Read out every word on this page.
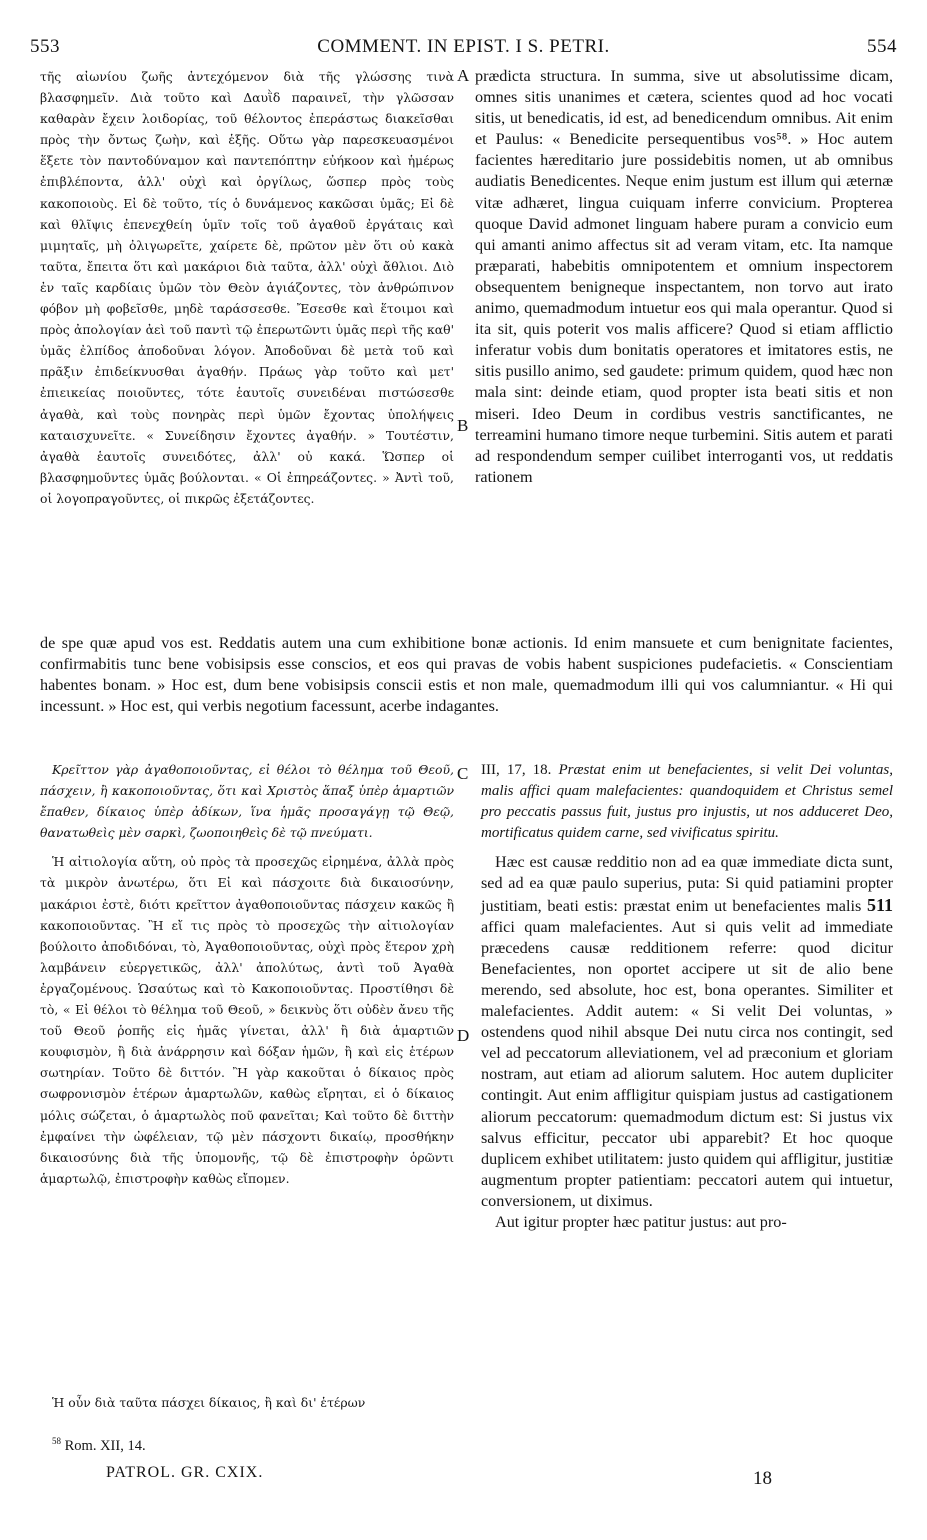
553	COMMENT. IN EPIST. I S. PETRI.	554
τῆς αἰωνίου ζωῆς ἀντεχόμενον διὰ τῆς γλώσσης τινὰ βλασφημεῖν. Διὰ τοῦτο καὶ Δαυῒδ παραινεῖ, τὴν γλῶσσαν καθαρὰν ἔχειν λοιδορίας, τοῦ θέλοντος ἐπεράστως διακεῖσθαι πρὸς τὴν ὄντως ζωὴν, καὶ ἑξῆς. Οὕτω γὰρ παρεσκευασμένοι ἕξετε τὸν παντοδύναμον καὶ παντεπόπτην εὐήκοον καὶ ἡμέρως ἐπιβλέποντα, ἀλλ' οὐχὶ καὶ ὀργίλως, ὥσπερ πρὸς τοὺς κακοποιοὺς. Εἰ δὲ τοῦτο, τίς ὁ δυνάμενος κακῶσαι ὑμᾶς; Εἰ δὲ καὶ θλῖψις ἐπενεχθείη ὑμῖν τοῖς τοῦ ἀγαθοῦ ἐργάταις καὶ μιμηταῖς, μὴ ὀλιγωρεῖτε, χαίρετε δὲ, πρῶτον μὲν ὅτι οὐ κακὰ ταῦτα, ἔπειτα ὅτι καὶ μακάριοι διὰ ταῦτα, ἀλλ' οὐχὶ ἄθλιοι. Διὸ ἐν ταῖς καρδίαις ὑμῶν τὸν Θεὸν ἁγιάζοντες, τὸν ἀνθρώπινον φόβον μὴ φοβεῖσθε, μηδὲ ταράσσεσθε. Ἔσεσθε καὶ ἕτοιμοι καὶ πρὸς ἀπολογίαν ἀεὶ τοῦ παντὶ τῷ ἐπερωτῶντι ὑμᾶς περὶ τῆς καθ' ὑμᾶς ἐλπίδος ἀποδοῦναι λόγον. Ἀποδοῦναι δὲ μετὰ τοῦ καὶ πρᾶξιν ἐπιδείκνυσθαι ἀγαθήν. Πράως γὰρ τοῦτο καὶ μετ' ἐπιεικείας ποιοῦντες, τότε ἑαυτοῖς συνειδέναι πιστώσεσθε ἀγαθὰ, καὶ τοὺς πονηρὰς περὶ ὑμῶν ἔχοντας ὑπολήψεις καταισχυνεῖτε. « Συνείδησιν ἔχοντες ἀγαθήν. » Τουτέστιν, ἀγαθὰ ἑαυτοῖς συνειδότες, ἀλλ' οὐ κακά. Ὥσπερ οἱ βλασφημοῦντες ὑμᾶς βούλονται. « Οἱ ἐπηρεάζοντες. » Ἀντὶ τοῦ, οἱ λογοπραγοῦντες, οἱ πικρῶς ἐξετάζοντες.
prædicta structura. In summa, sive ut absolutissime dicam, omnes sitis unanimes et cætera, scientes quod ad hoc vocati sitis, ut benedicatis, id est, ad benedicendum omnibus. Ait enim et Paulus: « Benedicite persequentibus vos⁵⁸. » Hoc autem facientes hæreditario jure possidebitis nomen, ut ab omnibus audiatis Benedicentes. Neque enim justum est illum qui æternæ vitæ adhæret, lingua cuiquam inferre convicium. Propterea quoque David admonet linguam habere puram a convicio eum qui amanti animo affectus sit ad veram vitam, etc. Ita namque præparati, habebitis omnipotentem et omnium inspectorem obsequentem benigneque inspectantem, non torvo aut irato animo, quemadmodum intuetur eos qui mala operantur. Quod si ita sit, quis poterit vos malis afficere? Quod si etiam afflictio inferatur vobis dum bonitatis operatores et imitatores estis, ne sitis pusillo animo, sed gaudete: primum quidem, quod hæc non mala sint: deinde etiam, quod propter ista beati sitis et non miseri. Ideo Deum in cordibus vestris sanctificantes, ne terreamini humano timore neque turbemini. Sitis autem et parati ad respondendum semper cuilibet interroganti vos, ut reddatis rationem
A
B
C
D
de spe quæ apud vos est. Reddatis autem una cum exhibitione bonæ actionis. Id enim mansuete et cum benignitate facientes, confirmabitis tunc bene vobisipsis esse conscios, et eos qui pravas de vobis habent suspiciones pudefacietis. « Conscientiam habentes bonam. » Hoc est, dum bene vobisipsis conscii estis et non male, quemadmodum illi qui vos calumniantur. « Hi qui incessunt. » Hoc est, qui verbis negotium facessunt, acerbe indagantes.

Κρεῖττον γὰρ ἀγαθοποιοῦντας, εἰ θέλοι τὸ θέλημα τοῦ Θεοῦ, πάσχειν, ἢ κακοποιοῦντας, ὅτι καὶ Χριστὸς ἅπαξ ὑπὲρ ἁμαρτιῶν ἔπαθεν, δίκαιος ὑπὲρ ἀδίκων, ἵνα ἡμᾶς προσαγάγῃ τῷ Θεῷ, θανατωθεὶς μὲν σαρκὶ, ζωοποιηθεὶς δὲ τῷ πνεύματι.

Ἡ αἰτιολογία αὕτη, οὐ πρὸς τὰ προσεχῶς εἰρημένα, ἀλλὰ πρὸς τὰ μικρὸν ἀνωτέρω, ὅτι Εἰ καὶ πάσχοιτε διὰ δικαιοσύνην, μακάριοι ἐστὲ, διότι κρεῖττον ἀγαθοποιοῦντας πάσχειν κακῶς ἢ κακοποιοῦντας. Ἢ εἴ τις πρὸς τὸ προσεχῶς τὴν αἰτιολογίαν βούλοιτο ἀποδιδόναι, τὸ, Ἀγαθοποιοῦντας, οὐχὶ πρὸς ἕτερον χρὴ λαμβάνειν εὐεργετικῶς, ἀλλ' ἀπολύτως, ἀντὶ τοῦ Ἀγαθὰ ἐργαζομένους. Ὡσαύτως καὶ τὸ Κακοποιοῦντας. Προστίθησι δὲ τὸ, « Εἰ θέλοι τὸ θέλημα τοῦ Θεοῦ, » δεικνὺς ὅτι οὐδὲν ἄνευ τῆς τοῦ Θεοῦ ῥοπῆς εἰς ἡμᾶς γίνεται, ἀλλ' ἢ διὰ ἁμαρτιῶν κουφισμὸν, ἢ διὰ ἀνάρρησιν καὶ δόξαν ἡμῶν, ἢ καὶ εἰς ἑτέρων σωτηρίαν. Τοῦτο δὲ διττόν. Ἢ γὰρ κακοῦται ὁ δίκαιος πρὸς σωφρονισμὸν ἑτέρων ἁμαρτωλῶν, καθὼς εἴρηται, εἰ ὁ δίκαιος μόλις σώζεται, ὁ ἁμαρτωλὸς ποῦ φανεῖται; Καὶ τοῦτο δὲ διττὴν ἐμφαίνει τὴν ὠφέλειαν, τῷ μὲν πάσχοντι δικαίῳ, προσθήκην δικαιοσύνης διὰ τῆς ὑπομονῆς, τῷ δὲ ἐπιστροφὴν ὁρῶντι ἁμαρτωλῷ, ἐπιστροφὴν καθὼς εἴπομεν.

III, 17, 18. Præstat enim ut benefacientes, si velit Dei voluntas, malis affici quam malefacientes: quandoquidem et Christus semel pro peccatis passus fuit, justus pro injustis, ut nos adduceret Deo, mortificatus quidem carne, sed vivificatus spiritu.

Hæc est causæ redditio non ad ea quæ immediate dicta sunt, sed ad ea quæ paulo superius, puta: Si quid patiamini propter justitiam, beati estis: præstat enim ut benefacientes malis 511 affici quam malefacientes. Aut si quis velit ad immediate præcedens causæ redditionem referre: quod dicitur Benefacientes, non oportet accipere ut sit de alio bene merendo, sed absolute, hoc est, bona operantes. Similiter et malefacientes. Addit autem: « Si velit Dei voluntas, » ostendens quod nihil absque Dei nutu circa nos contingit, sed vel ad peccatorum alleviationem, vel ad præconium et gloriam nostram, aut etiam ad aliorum salutem. Hoc autem dupliciter contingit. Aut enim affligitur quispiam justus ad castigationem aliorum peccatorum: quemadmodum dictum est: Si justus vix salvus efficitur, peccator ubi apparebit? Et hoc quoque duplicem exhibet utilitatem: justo quidem qui affligitur, justitiæ augmentum propter patientiam: peccatori autem qui intuetur, conversionem, ut diximus.

Aut igitur propter hæc patitur justus: aut pro-

Ἡ οὖν διὰ ταῦτα πάσχει δίκαιος, ἢ καὶ δι' ἑτέρων
$^{58}$ Rom. XII, 14.
PATROL. GR. CXIX.	18
